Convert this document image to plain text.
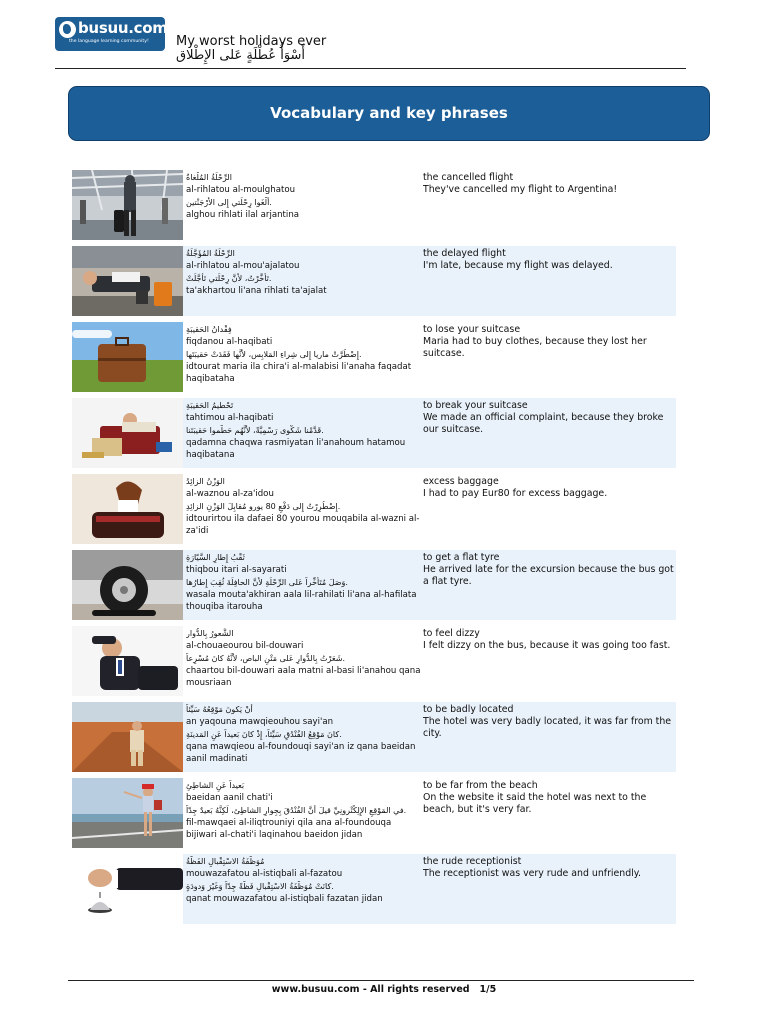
busuu.com
the language learning community! My worst holidays ever
أَسْوَأُ عُطْلَةٍ عَلى الإِطْلاق
Vocabulary and key phrases
الرِّحْلَةُ المُلْغاةُ
al-rihlatou al-moulghatou
أَلْغَوا رِحْلَتي إِلى الأَرْجَنْتين.
alghou rihlati ilal arjantina
the cancelled flight
They've cancelled my flight to Argentina!
الرِّحْلَةُ المُؤَجَّلَةُ
al-rihlatou al-mou'ajalatou
تَأَخَّرْتُ، لأَنَّ رِحْلَتي تَأَجَّلَتْ.
ta'akhartou li'ana rihlati ta'ajalat
the delayed flight
I'm late, because my flight was delayed.
فِقْدانُ الحَقيبَةِ
fiqdanou al-haqibati
إِضْطُرَّتْ ماريا إِلى شِراءِ المَلابِس، لأَنَّها فَقَدَتْ حَقيبَتَها.
idtourat maria ila chira'i al-malabisi li'anaha faqadat haqibataha
to lose your suitcase
Maria had to buy clothes, because they lost her suitcase.
تَحْطيمُ الحَقيبَةِ
tahtimou al-haqibati
قَدَّمْنا شَكْوى رَسْمِيَّةً، لأَنَّهُم حَطَّموا حَقيبَتَنا.
qadamna chaqwa rasmiyatan li'anahoum hatamou haqibatana
to break your suitcase
We made an official complaint, because they broke our suitcase.
الوَزْنُ الزائِدُ
al-waznou al-za'idou
إِضْطُرِرْتُ إِلى دَفْعِ 80 يورو مُقابِلَ الوَزْنِ الزائِدِ.
idtourirtou ila dafaei 80 yourou mouqabila al-wazni al-za'idi
excess baggage
I had to pay Eur80 for excess baggage.
ثَقْبُ إِطارِ السَّيّارَةِ
thiqbou itari al-sayarati
وَصَلَ مُتَأَخِّراً عَلى الرِّحْلَةِ لأَنَّ الحافِلَةَ ثُقِبَ إِطارُها.
wasala mouta'akhiran aala lil-rahilati li'ana al-hafilata thouqiba itarouha
to get a flat tyre
He arrived late for the excursion because the bus got a flat tyre.
الشُّعورُ بِالدُّوار
al-chouaeourou bil-douwari
شَعَرْتُ بِالدُّوارِ عَلى مَتْنِ الباص، لأَنَّهُ كانَ مُسْرِعاً.
chaartou bil-douwari aala matni al-basi li'anahou qana mousriaan
to feel dizzy
I felt dizzy on the bus, because it was going too fast.
أَنْ يَكونَ مَوْقِعُهُ سَيِّئاً
an yaqouna mawqieouhou sayi'an
كانَ مَوْقِعُ الفُنْدُقِ سَيِّئاً، إِذْ كانَ بَعيداً عَنِ المَدينَةِ.
qana mawqieou al-foundouqi sayi'an iz qana baeidan aanil madinati
to be badly located
The hotel was very badly located, it was far from the city.
بَعيداً عَنِ الشاطِئِ
baeidan aanil chati'i
في المَوْقِعِ الإِلِكْتْرونِيِّ قيلَ أَنَّ الفُنْدُقَ بِجِوارِ الشاطِئ، لَكِنَّهُ بَعيدٌ جِدّاً.
fil-mawqaei al-iliqtrouniyi qila ana al-foundouqa bijiwari al-chati'i laqinahou baeidon jidan
to be far from the beach
On the website it said the hotel was next to the beach, but it's very far.
مُوَظَّفَةُ الاسْتِقْبالِ الفَظَّةُ
mouwazafatou al-istiqbali al-fazatou
كانَتْ مُوَظَّفَةُ الاسْتِقْبالِ فَظَّةً جِدّاً وَغَيْرَ وَدودَةٍ.
qanat mouwazafatou al-istiqbali fazatan jidan
the rude receptionist
The receptionist was very rude and unfriendly.
www.busuu.com - All rights reserved   1/5
